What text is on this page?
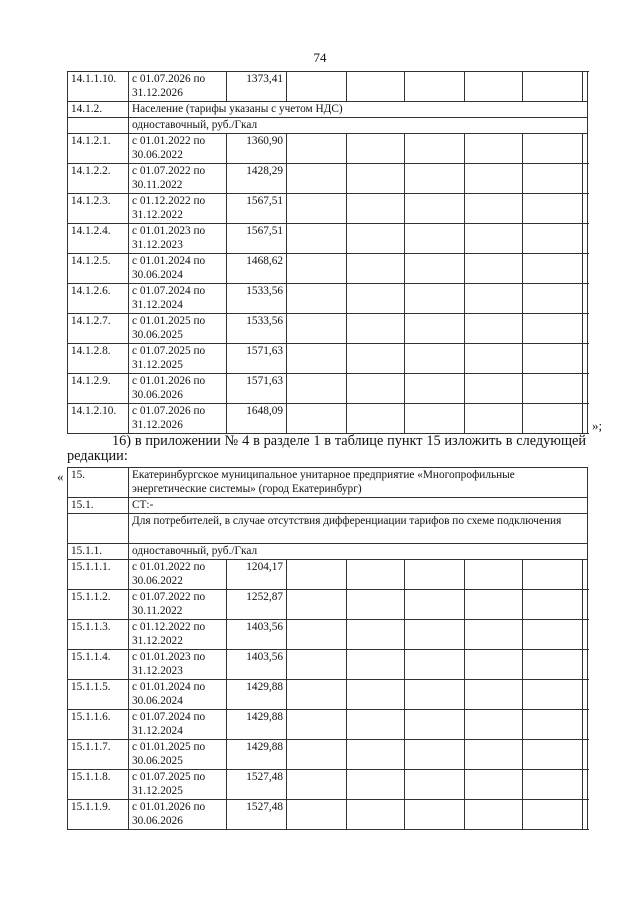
74
14.1.1.10.	с 01.07.2026 по 31.12.2026	1373,41						
14.1.2.	Население (тарифы указаны с учетом НДС)							
	одноставочный, руб./Гкал							
14.1.2.1.	с 01.01.2022 по 30.06.2022	1360,90						
14.1.2.2.	с 01.07.2022 по 30.11.2022	1428,29						
14.1.2.3.	с 01.12.2022 по 31.12.2022	1567,51						
14.1.2.4.	с 01.01.2023 по 31.12.2023	1567,51						
14.1.2.5.	с 01.01.2024 по 30.06.2024	1468,62						
14.1.2.6.	с 01.07.2024 по 31.12.2024	1533,56						
14.1.2.7.	с 01.01.2025 по 30.06.2025	1533,56						
14.1.2.8.	с 01.07.2025 по 31.12.2025	1571,63						
14.1.2.9.	с 01.01.2026 по 30.06.2026	1571,63						
14.1.2.10.	с 01.07.2026 по 31.12.2026	1648,09						
»;
16) в приложении № 4 в разделе 1 в таблице пункт 15 изложить в следующей редакции:
« 15.	Екатеринбургское муниципальное унитарное предприятие «Многопрофильные энергетические системы» (город Екатеринбург)							
15.1.	СТ:-							
	Для потребителей, в случае отсутствия дифференциации тарифов по схеме подключения							
15.1.1.	одноставочный, руб./Гкал							
15.1.1.1.	с 01.01.2022 по 30.06.2022	1204,17						
15.1.1.2.	с 01.07.2022 по 30.11.2022	1252,87						
15.1.1.3.	с 01.12.2022 по 31.12.2022	1403,56						
15.1.1.4.	с 01.01.2023 по 31.12.2023	1403,56						
15.1.1.5.	с 01.01.2024 по 30.06.2024	1429,88						
15.1.1.6.	с 01.07.2024 по 31.12.2024	1429,88						
15.1.1.7.	с 01.01.2025 по 30.06.2025	1429,88						
15.1.1.8.	с 01.07.2025 по 31.12.2025	1527,48						
15.1.1.9.	с 01.01.2026 по 30.06.2026	1527,48						
